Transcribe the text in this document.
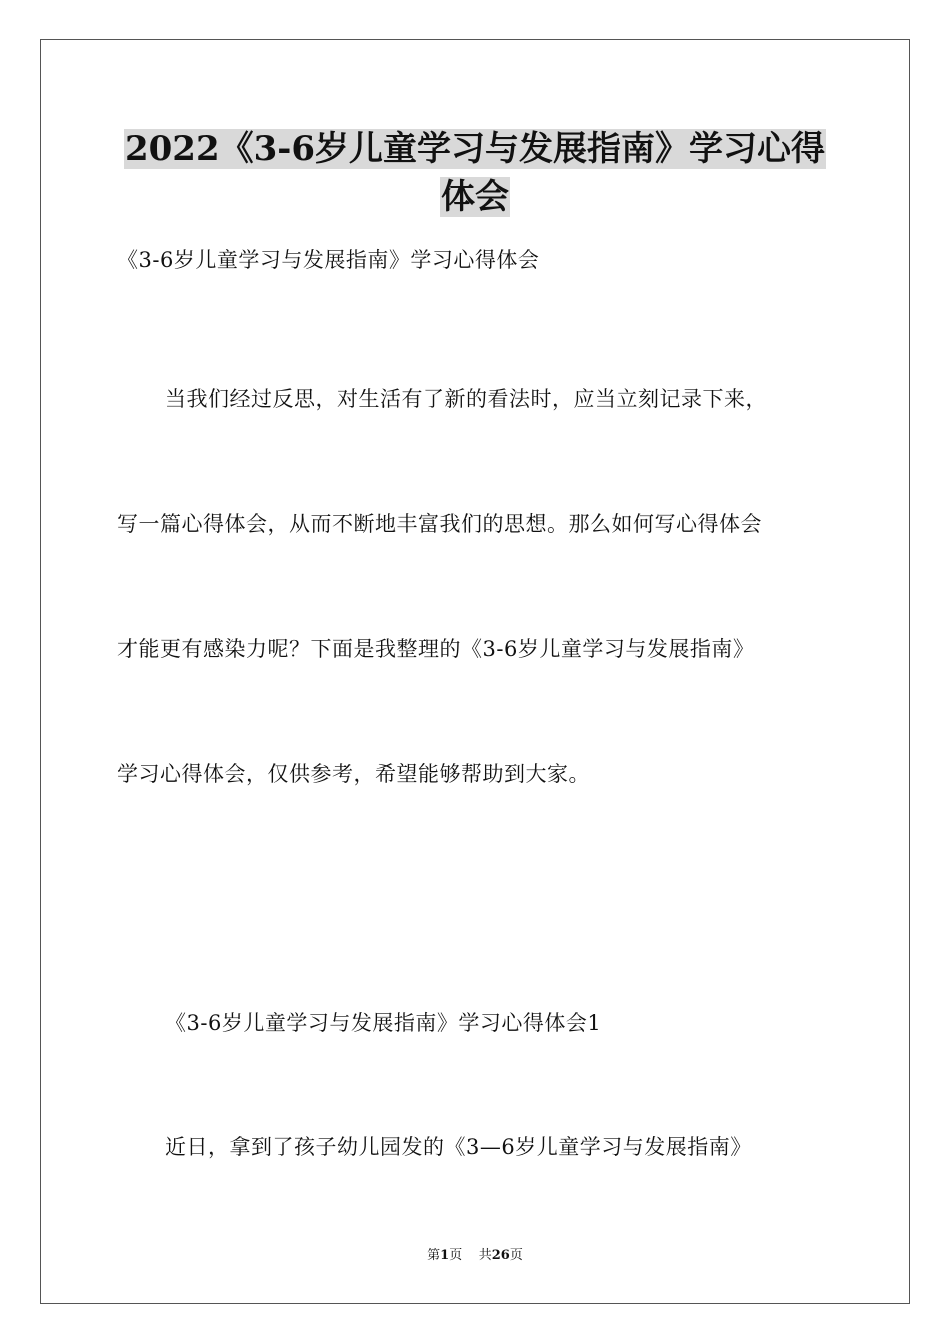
2022《3-6岁儿童学习与发展指南》学习心得
体会
《3-6岁儿童学习与发展指南》学习心得体会
当我们经过反思，对生活有了新的看法时，应当立刻记录下来，
写一篇心得体会，从而不断地丰富我们的思想。那么如何写心得体会
才能更有感染力呢？下面是我整理的《3-6岁儿童学习与发展指南》
学习心得体会，仅供参考，希望能够帮助到大家。
《3-6岁儿童学习与发展指南》学习心得体会1
近日，拿到了孩子幼儿园发的《3—6岁儿童学习与发展指南》
第1页 共26页
